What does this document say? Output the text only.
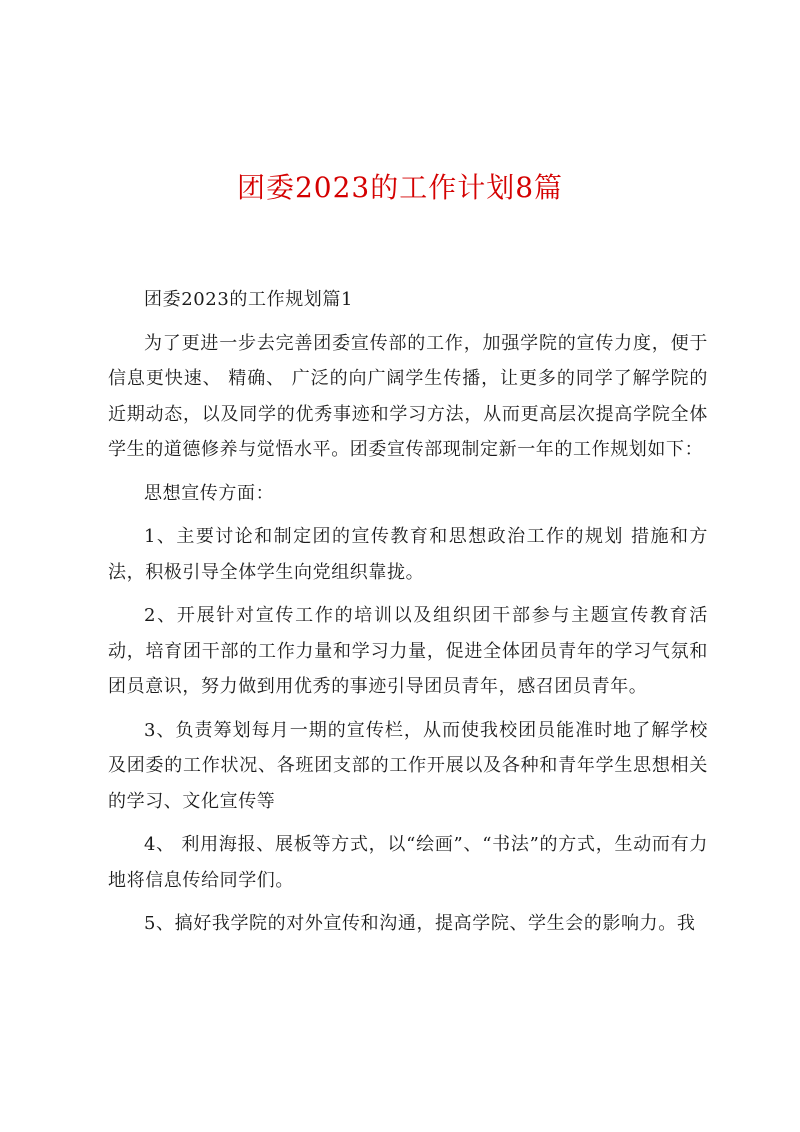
团委2023的工作计划8篇

团委2023的工作规划篇1

为了更进一步去完善团委宣传部的工作，加强学院的宣传力度，便于信息更快速、 精确、 广泛的向广阔学生传播，让更多的同学了解学院的近期动态，以及同学的优秀事迹和学习方法，从而更高层次提高学院全体学生的道德修养与觉悟水平。团委宣传部现制定新一年的工作规划如下：

思想宣传方面：

1、主要讨论和制定团的宣传教育和思想政治工作的规划 措施和方法，积极引导全体学生向党组织靠拢。

2、开展针对宣传工作的培训以及组织团干部参与主题宣传教育活动，培育团干部的工作力量和学习力量，促进全体团员青年的学习气氛和团员意识，努力做到用优秀的事迹引导团员青年，感召团员青年。

3、负责筹划每月一期的宣传栏，从而使我校团员能准时地了解学校及团委的工作状况、各班团支部的工作开展以及各种和青年学生思想相关的学习、文化宣传等

4、 利用海报、展板等方式，以“绘画”、“书法”的方式，生动而有力地将信息传给同学们。

5、搞好我学院的对外宣传和沟通，提高学院、学生会的影响力。我
